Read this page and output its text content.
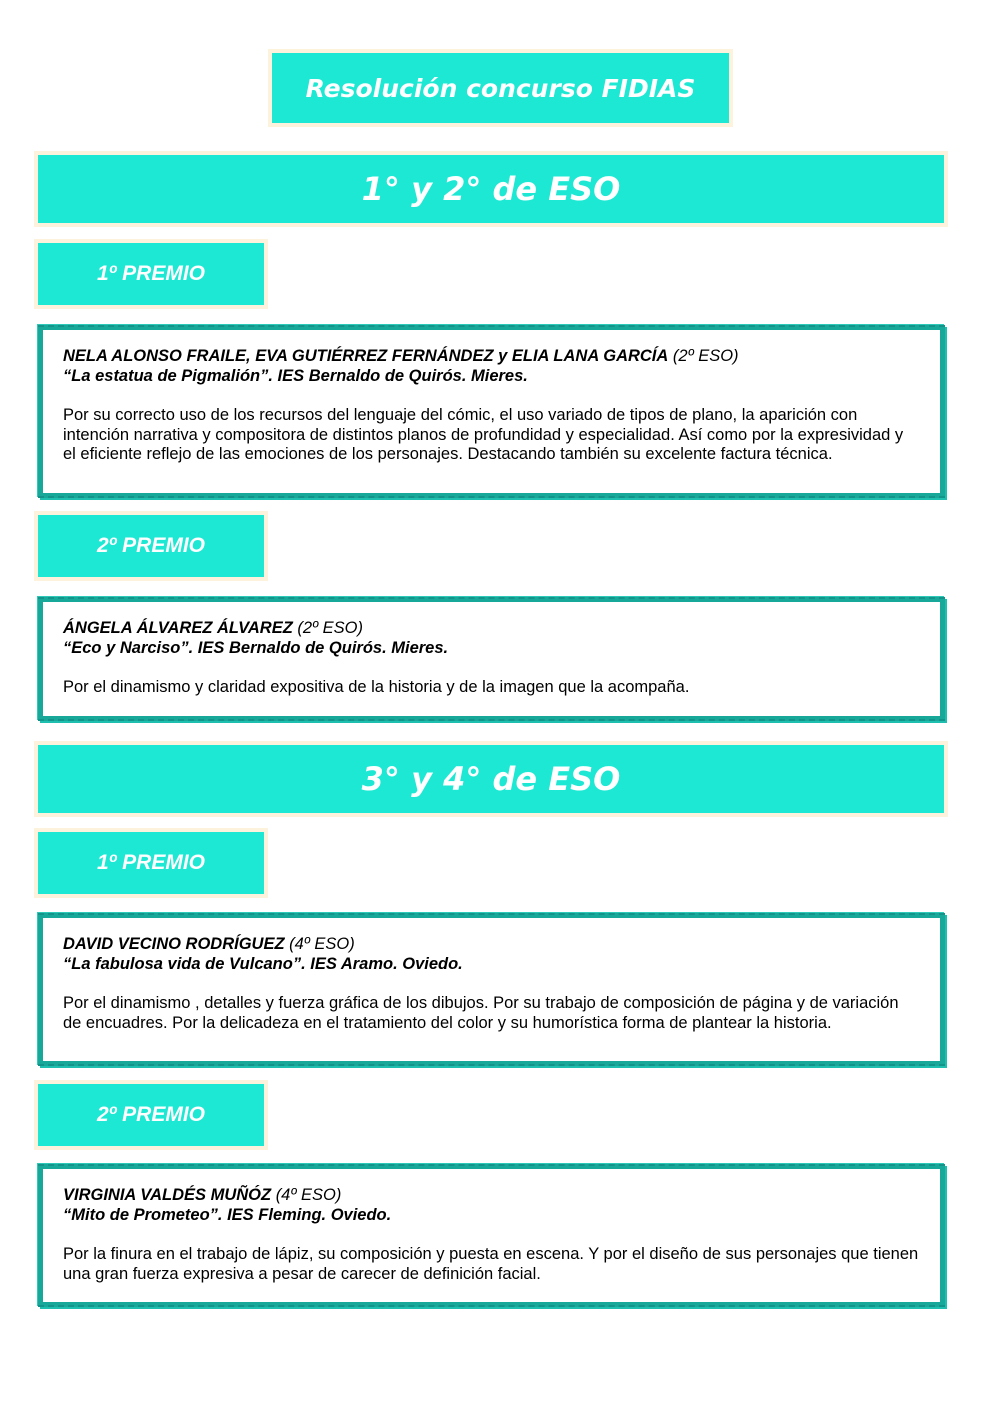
Resolución concurso FIDIAS
1° y 2° de ESO
1º PREMIO
NELA ALONSO FRAILE, EVA GUTIÉRREZ FERNÁNDEZ y ELIA LANA GARCÍA (2º ESO)
“La estatua de Pigmalión”. IES Bernaldo de Quirós. Mieres.
Por su correcto uso de los recursos del lenguaje del cómic, el uso variado de tipos de plano, la aparición con intención narrativa y compositora de distintos planos de profundidad y especialidad. Así como por la expresividad y el eficiente reflejo de las emociones de los personajes. Destacando también su excelente factura técnica.
2º PREMIO
ÁNGELA ÁLVAREZ ÁLVAREZ (2º ESO)
“Eco y Narciso”. IES Bernaldo de Quirós. Mieres.
Por el dinamismo y claridad expositiva de la historia y de la imagen que la acompaña.
3° y 4° de ESO
1º PREMIO
DAVID VECINO RODRÍGUEZ (4º ESO)
“La fabulosa vida de Vulcano”. IES Aramo. Oviedo.
Por el dinamismo , detalles y fuerza gráfica de los dibujos. Por su trabajo de composición de página y de variación de encuadres. Por la delicadeza en el tratamiento del color y su humorística forma de plantear la historia.
2º PREMIO
VIRGINIA VALDÉS MUÑÓZ (4º ESO)
“Mito de Prometeo”. IES Fleming. Oviedo.
Por la finura en el trabajo de lápiz, su composición y puesta en escena. Y por el diseño de sus personajes que tienen una gran fuerza expresiva a pesar de carecer de definición facial.
